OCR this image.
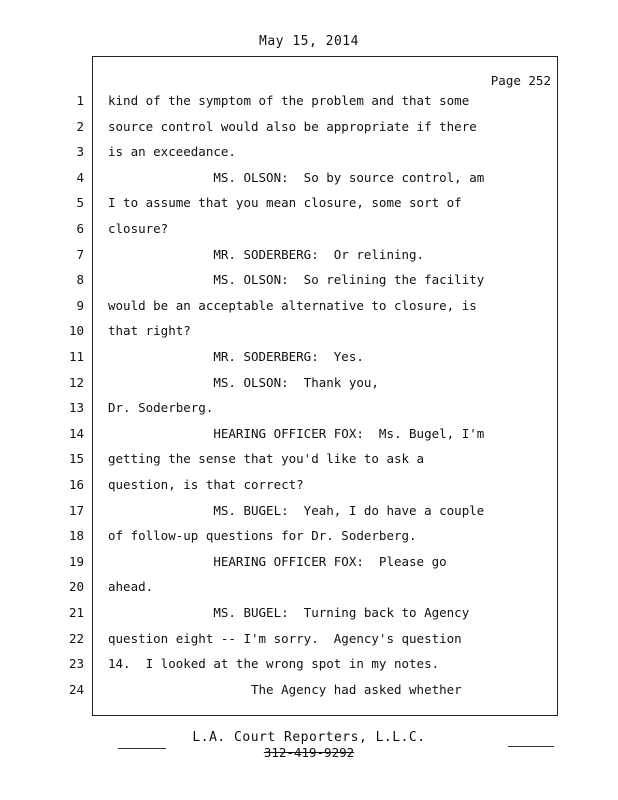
May 15, 2014
Page 252
1 kind of the symptom of the problem and that some
2 source control would also be appropriate if there
3 is an exceedance.
4 MS. OLSON:  So by source control, am
5 I to assume that you mean closure, some sort of
6 closure?
7 MR. SODERBERG:  Or relining.
8 MS. OLSON:  So relining the facility
9 would be an acceptable alternative to closure, is
10 that right?
11 MR. SODERBERG:  Yes.
12 MS. OLSON:  Thank you,
13 Dr. Soderberg.
14 HEARING OFFICER FOX:  Ms. Bugel, I'm
15 getting the sense that you'd like to ask a
16 question, is that correct?
17 MS. BUGEL:  Yeah, I do have a couple
18 of follow-up questions for Dr. Soderberg.
19 HEARING OFFICER FOX:  Please go
20 ahead.
21 MS. BUGEL:  Turning back to Agency
22 question eight -- I'm sorry.  Agency's question
23 14.  I looked at the wrong spot in my notes.
24 The Agency had asked whether
L.A. Court Reporters, L.L.C.
312-419-9292
